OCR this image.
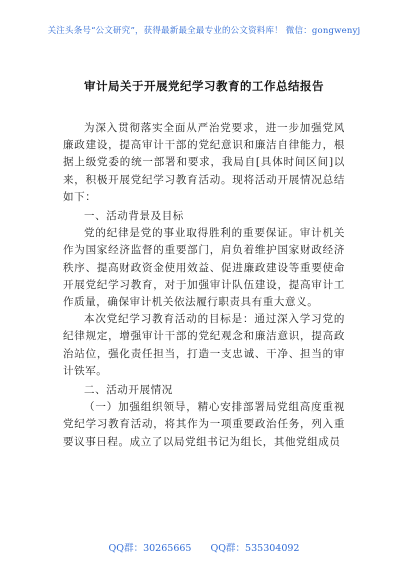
关注头条号“公文研究”，获得最新最全最专业的公文资料库！ 微信：gongwenyj
审计局关于开展党纪学习教育的工作总结报告

为深入贯彻落实全面从严治党要求，进一步加强党风廉政建设，提高审计干部的党纪意识和廉洁自律能力，根据上级党委的统一部署和要求，我局自[具体时间区间]以来，积极开展党纪学习教育活动。现将活动开展情况总结如下：

一、活动背景及目标

党的纪律是党的事业取得胜利的重要保证。审计机关作为国家经济监督的重要部门，肩负着维护国家财政经济秩序、提高财政资金使用效益、促进廉政建设等重要使命开展党纪学习教育，对于加强审计队伍建设，提高审计工作质量，确保审计机关依法履行职责具有重大意义。

本次党纪学习教育活动的目标是：通过深入学习党的纪律规定，增强审计干部的党纪观念和廉洁意识，提高政治站位，强化责任担当，打造一支忠诚、干净、担当的审计铁军。

二、活动开展情况

（一）加强组织领导，精心安排部署局党组高度重视党纪学习教育活动，将其作为一项重要政治任务，列入重要议事日程。成立了以局党组书记为组长，其他党组成员

QQ群：30265665 QQ群：535304092
